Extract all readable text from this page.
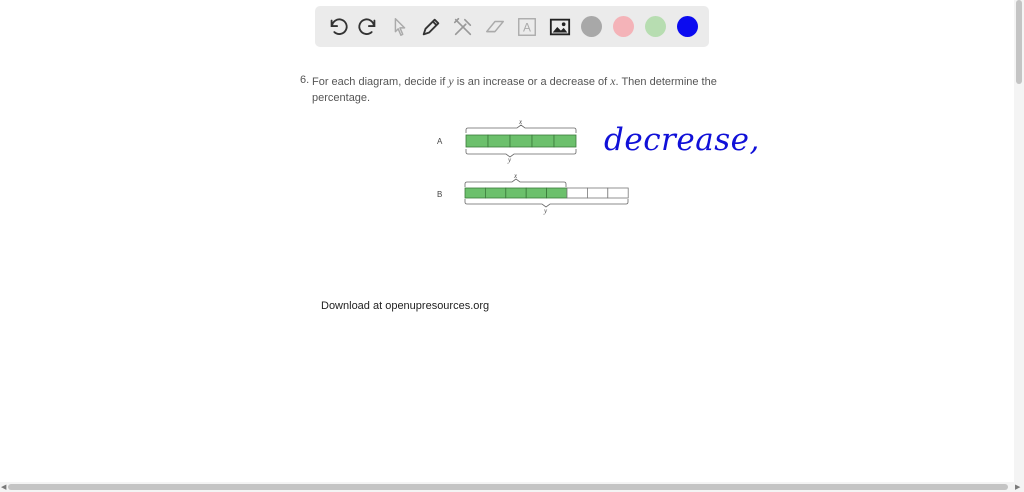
A
6. For each diagram, decide if y is an increase or a decrease of x. Then determine the
percentage.
A
x
y
B
x
y
decrease,
Download at openupresources.org
◀	▶
